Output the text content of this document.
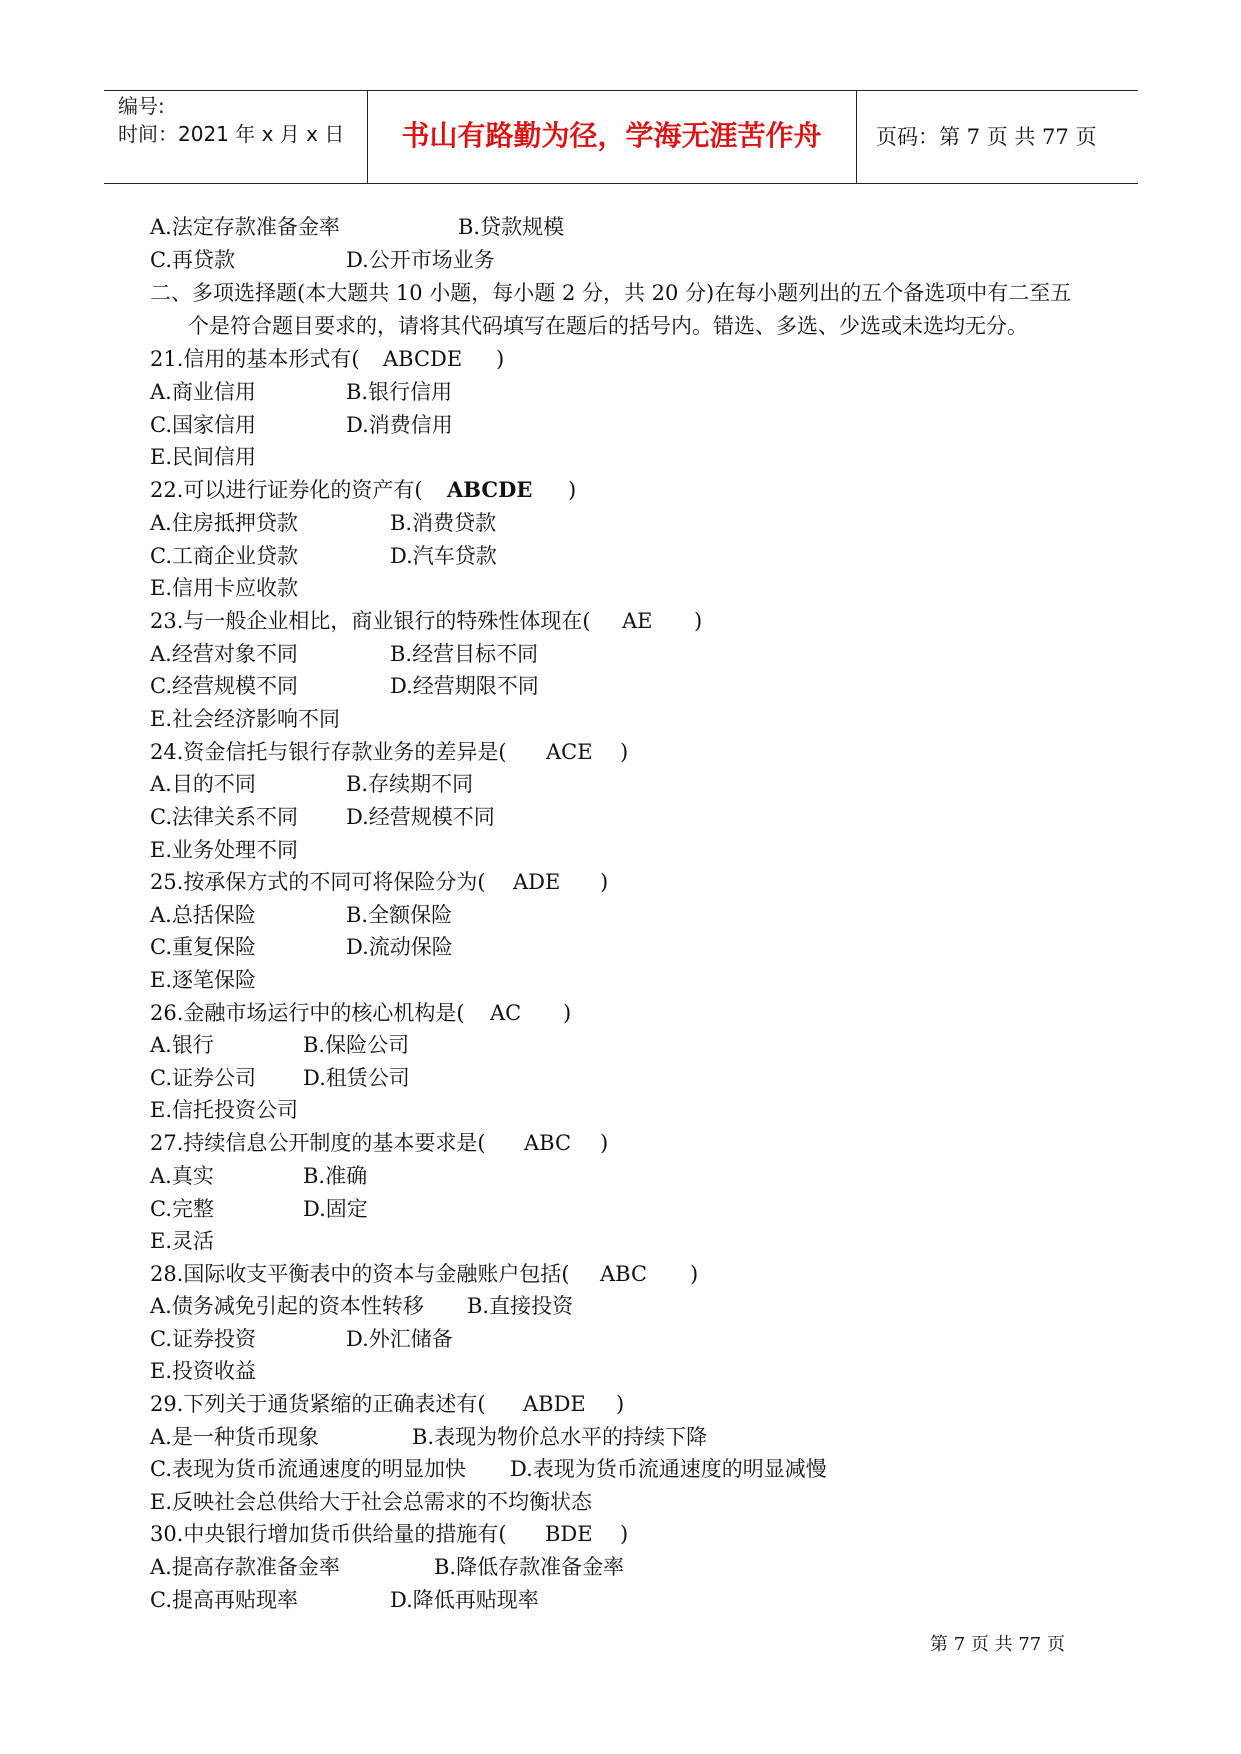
编号:
时间：2021 年 x 月 x 日	书山有路勤为径，学海无涯苦作舟	页码：第 7 页 共 77 页
A.法定存款准备金率	B.贷款规模
C.再贷款	D.公开市场业务
二、多项选择题(本大题共 10 小题，每小题 2 分，共 20 分)在每小题列出的五个备选项中有二至五
个是符合题目要求的，请将其代码填写在题后的括号内。错选、多选、少选或未选均无分。
21.信用的基本形式有( ABCDE )
A.商业信用	B.银行信用
C.国家信用	D.消费信用
E.民间信用
22.可以进行证券化的资产有( ABCDE )
A.住房抵押贷款	B.消费贷款
C.工商企业贷款	D.汽车贷款
E.信用卡应收款
23.与一般企业相比，商业银行的特殊性体现在( AE )
A.经营对象不同	B.经营目标不同
C.经营规模不同	D.经营期限不同
E.社会经济影响不同
24.资金信托与银行存款业务的差异是( ACE )
A.目的不同	B.存续期不同
C.法律关系不同 D.经营规模不同
E.业务处理不同
25.按承保方式的不同可将保险分为( ADE )
A.总括保险	B.全额保险
C.重复保险	D.流动保险
E.逐笔保险
26.金融市场运行中的核心机构是( AC )
A.银行	B.保险公司
C.证券公司 D.租赁公司
E.信托投资公司
27.持续信息公开制度的基本要求是( ABC )
A.真实	B.准确
C.完整	D.固定
E.灵活
28.国际收支平衡表中的资本与金融账户包括( ABC )
A.债务减免引起的资本性转移 B.直接投资
C.证券投资	D.外汇储备
E.投资收益
29.下列关于通货紧缩的正确表述有( ABDE )
A.是一种货币现象	B.表现为物价总水平的持续下降
C.表现为货币流通速度的明显加快 D.表现为货币流通速度的明显减慢
E.反映社会总供给大于社会总需求的不均衡状态
30.中央银行增加货币供给量的措施有( BDE )
A.提高存款准备金率	B.降低存款准备金率
C.提高再贴现率	D.降低再贴现率
第 7 页 共 77 页
